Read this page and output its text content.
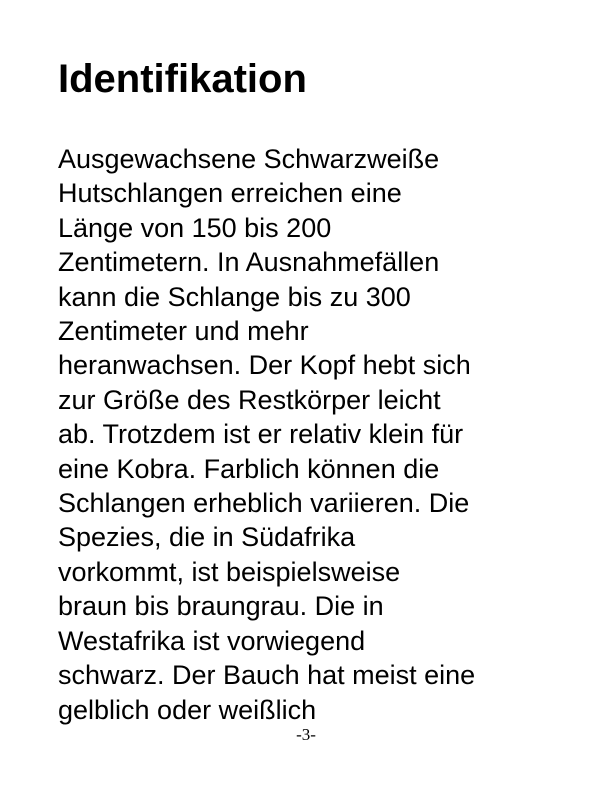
Identifikation

Ausgewachsene Schwarzweiße
Hutschlangen erreichen eine
Länge von 150 bis 200
Zentimetern. In Ausnahmefällen
kann die Schlange bis zu 300
Zentimeter und mehr
heranwachsen. Der Kopf hebt sich
zur Größe des Restkörper leicht
ab. Trotzdem ist er relativ klein für
eine Kobra. Farblich können die
Schlangen erheblich variieren. Die
Spezies, die in Südafrika
vorkommt, ist beispielsweise
braun bis braungrau. Die in
Westafrika ist vorwiegend
schwarz. Der Bauch hat meist eine
gelblich oder weißlich

-3-
